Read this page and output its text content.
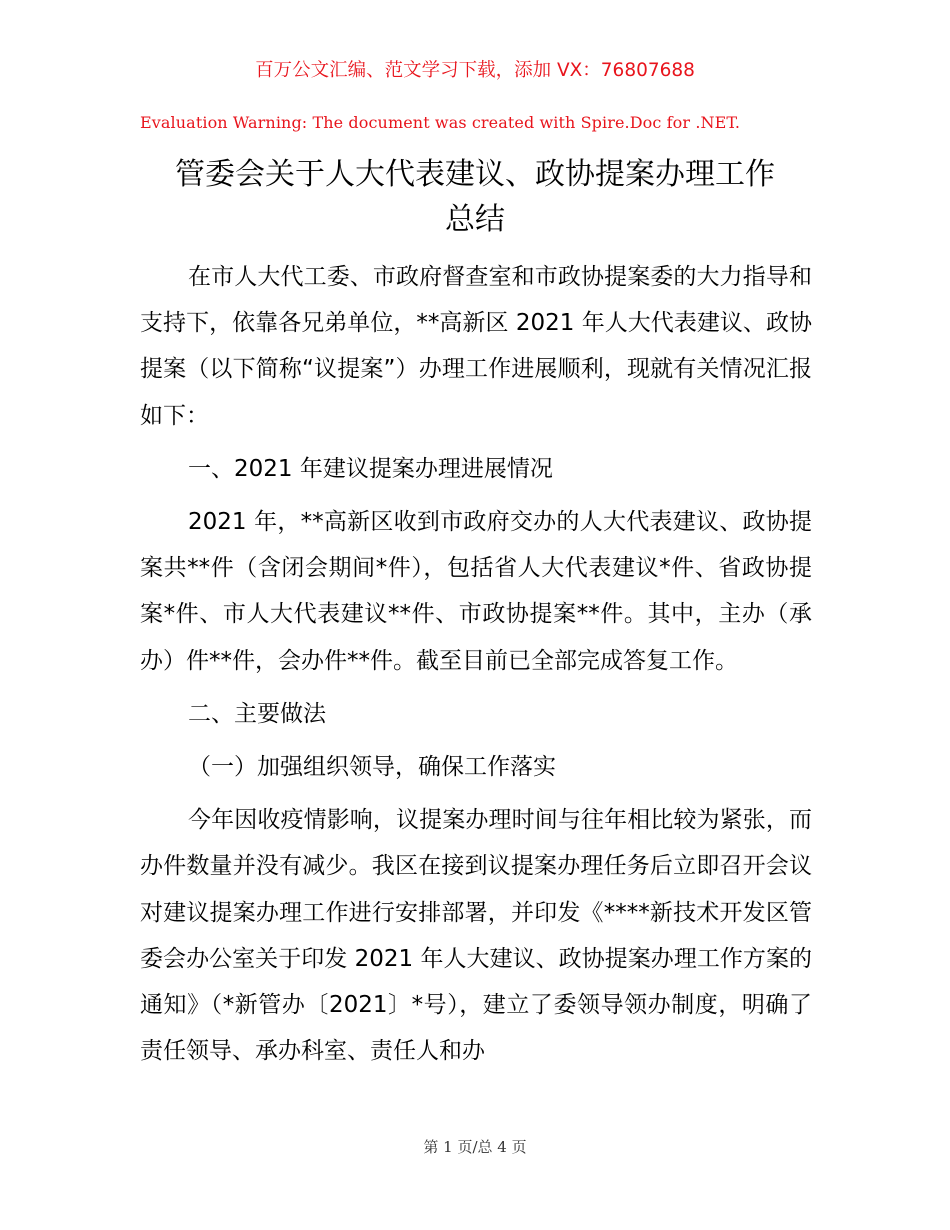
百万公文汇编、范文学习下载，添加 VX：76807688
Evaluation Warning: The document was created with Spire.Doc for .NET.
管委会关于人大代表建议、政协提案办理工作
总结

在市人大代工委、市政府督查室和市政协提案委的大力指导和支持下，依靠各兄弟单位，**高新区 2021 年人大代表建议、政协提案（以下简称“议提案”）办理工作进展顺利，现就有关情况汇报如下：

一、2021 年建议提案办理进展情况

2021 年，**高新区收到市政府交办的人大代表建议、政协提案共**件（含闭会期间*件），包括省人大代表建议*件、省政协提案*件、市人大代表建议**件、市政协提案**件。其中，主办（承办）件**件，会办件**件。截至目前已全部完成答复工作。

二、主要做法

（一）加强组织领导，确保工作落实

今年因收疫情影响，议提案办理时间与往年相比较为紧张，而办件数量并没有减少。我区在接到议提案办理任务后立即召开会议对建议提案办理工作进行安排部署，并印发《****新技术开发区管委会办公室关于印发 2021 年人大建议、政协提案办理工作方案的通知》（*新管办〔2021〕*号），建立了委领导领办制度，明确了责任领导、承办科室、责任人和办

第 1 页/总 4 页
